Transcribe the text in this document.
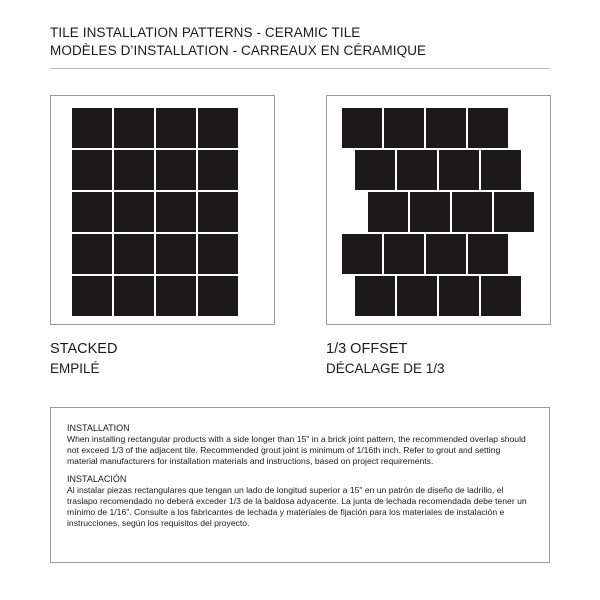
TILE INSTALLATION PATTERNS - CERAMIC TILE
MODÈLES D’INSTALLATION - CARREAUX EN CÉRAMIQUE
STACKED
EMPILÉ
1/3 OFFSET
DÉCALAGE DE 1/3
INSTALLATION
When installing rectangular products with a side longer than 15" in a brick joint pattern, the recommended overlap should not exceed 1/3 of the adjacent tile. Recommended grout joint is minimum of 1/16th inch. Refer to grout and setting material manufacturers for installation materials and instructions, based on project requirements.
INSTALACIÓN
Al instalar piezas rectangulares que tengan un lado de longitud superior a 15" en un patrón de diseño de ladrillo, el traslapo recomendado no deberá exceder 1/3 de la baldosa adyacente. La junta de lechada recomendada debe tener un mínimo de 1/16". Consulte a los fabricantes de lechada y materiales de fijación para los materiales de instalación e instrucciones, según los requisitos del proyecto.
